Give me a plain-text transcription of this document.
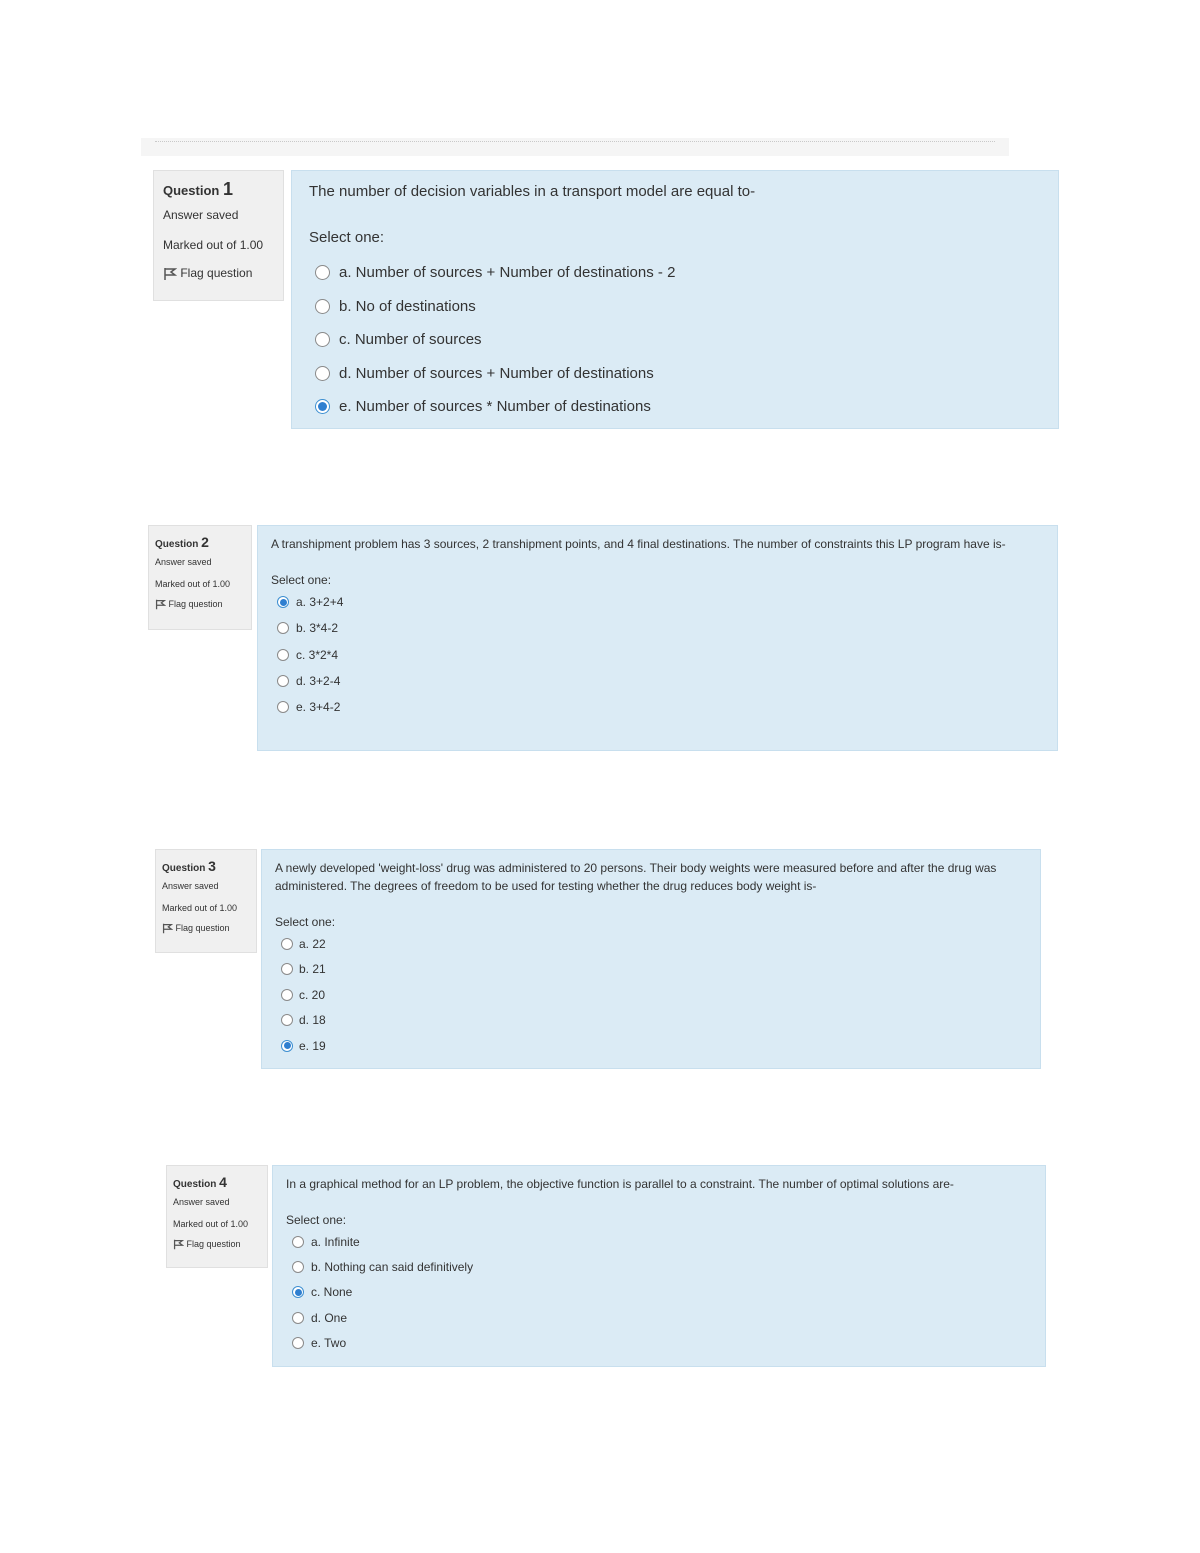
Question 1
Answer saved
Marked out of 1.00
Flag question
The number of decision variables in a transport model are equal to-
Select one:
a. Number of sources + Number of destinations - 2
b. No of destinations
c. Number of sources
d. Number of sources + Number of destinations
e. Number of sources * Number of destinations
Question 2
Answer saved
Marked out of 1.00
Flag question
A transhipment problem has 3 sources, 2 transhipment points, and 4 final destinations. The number of constraints this LP program have is-
Select one:
a. 3+2+4
b. 3*4-2
c. 3*2*4
d. 3+2-4
e. 3+4-2
Question 3
Answer saved
Marked out of 1.00
Flag question
A newly developed 'weight-loss' drug was administered to 20 persons. Their body weights were measured before and after the drug was administered. The degrees of freedom to be used for testing whether the drug reduces body weight is-
Select one:
a. 22
b. 21
c. 20
d. 18
e. 19
Question 4
Answer saved
Marked out of 1.00
Flag question
In a graphical method for an LP problem, the objective function is parallel to a constraint. The number of optimal solutions are-
Select one:
a. Infinite
b. Nothing can said definitively
c. None
d. One
e. Two
